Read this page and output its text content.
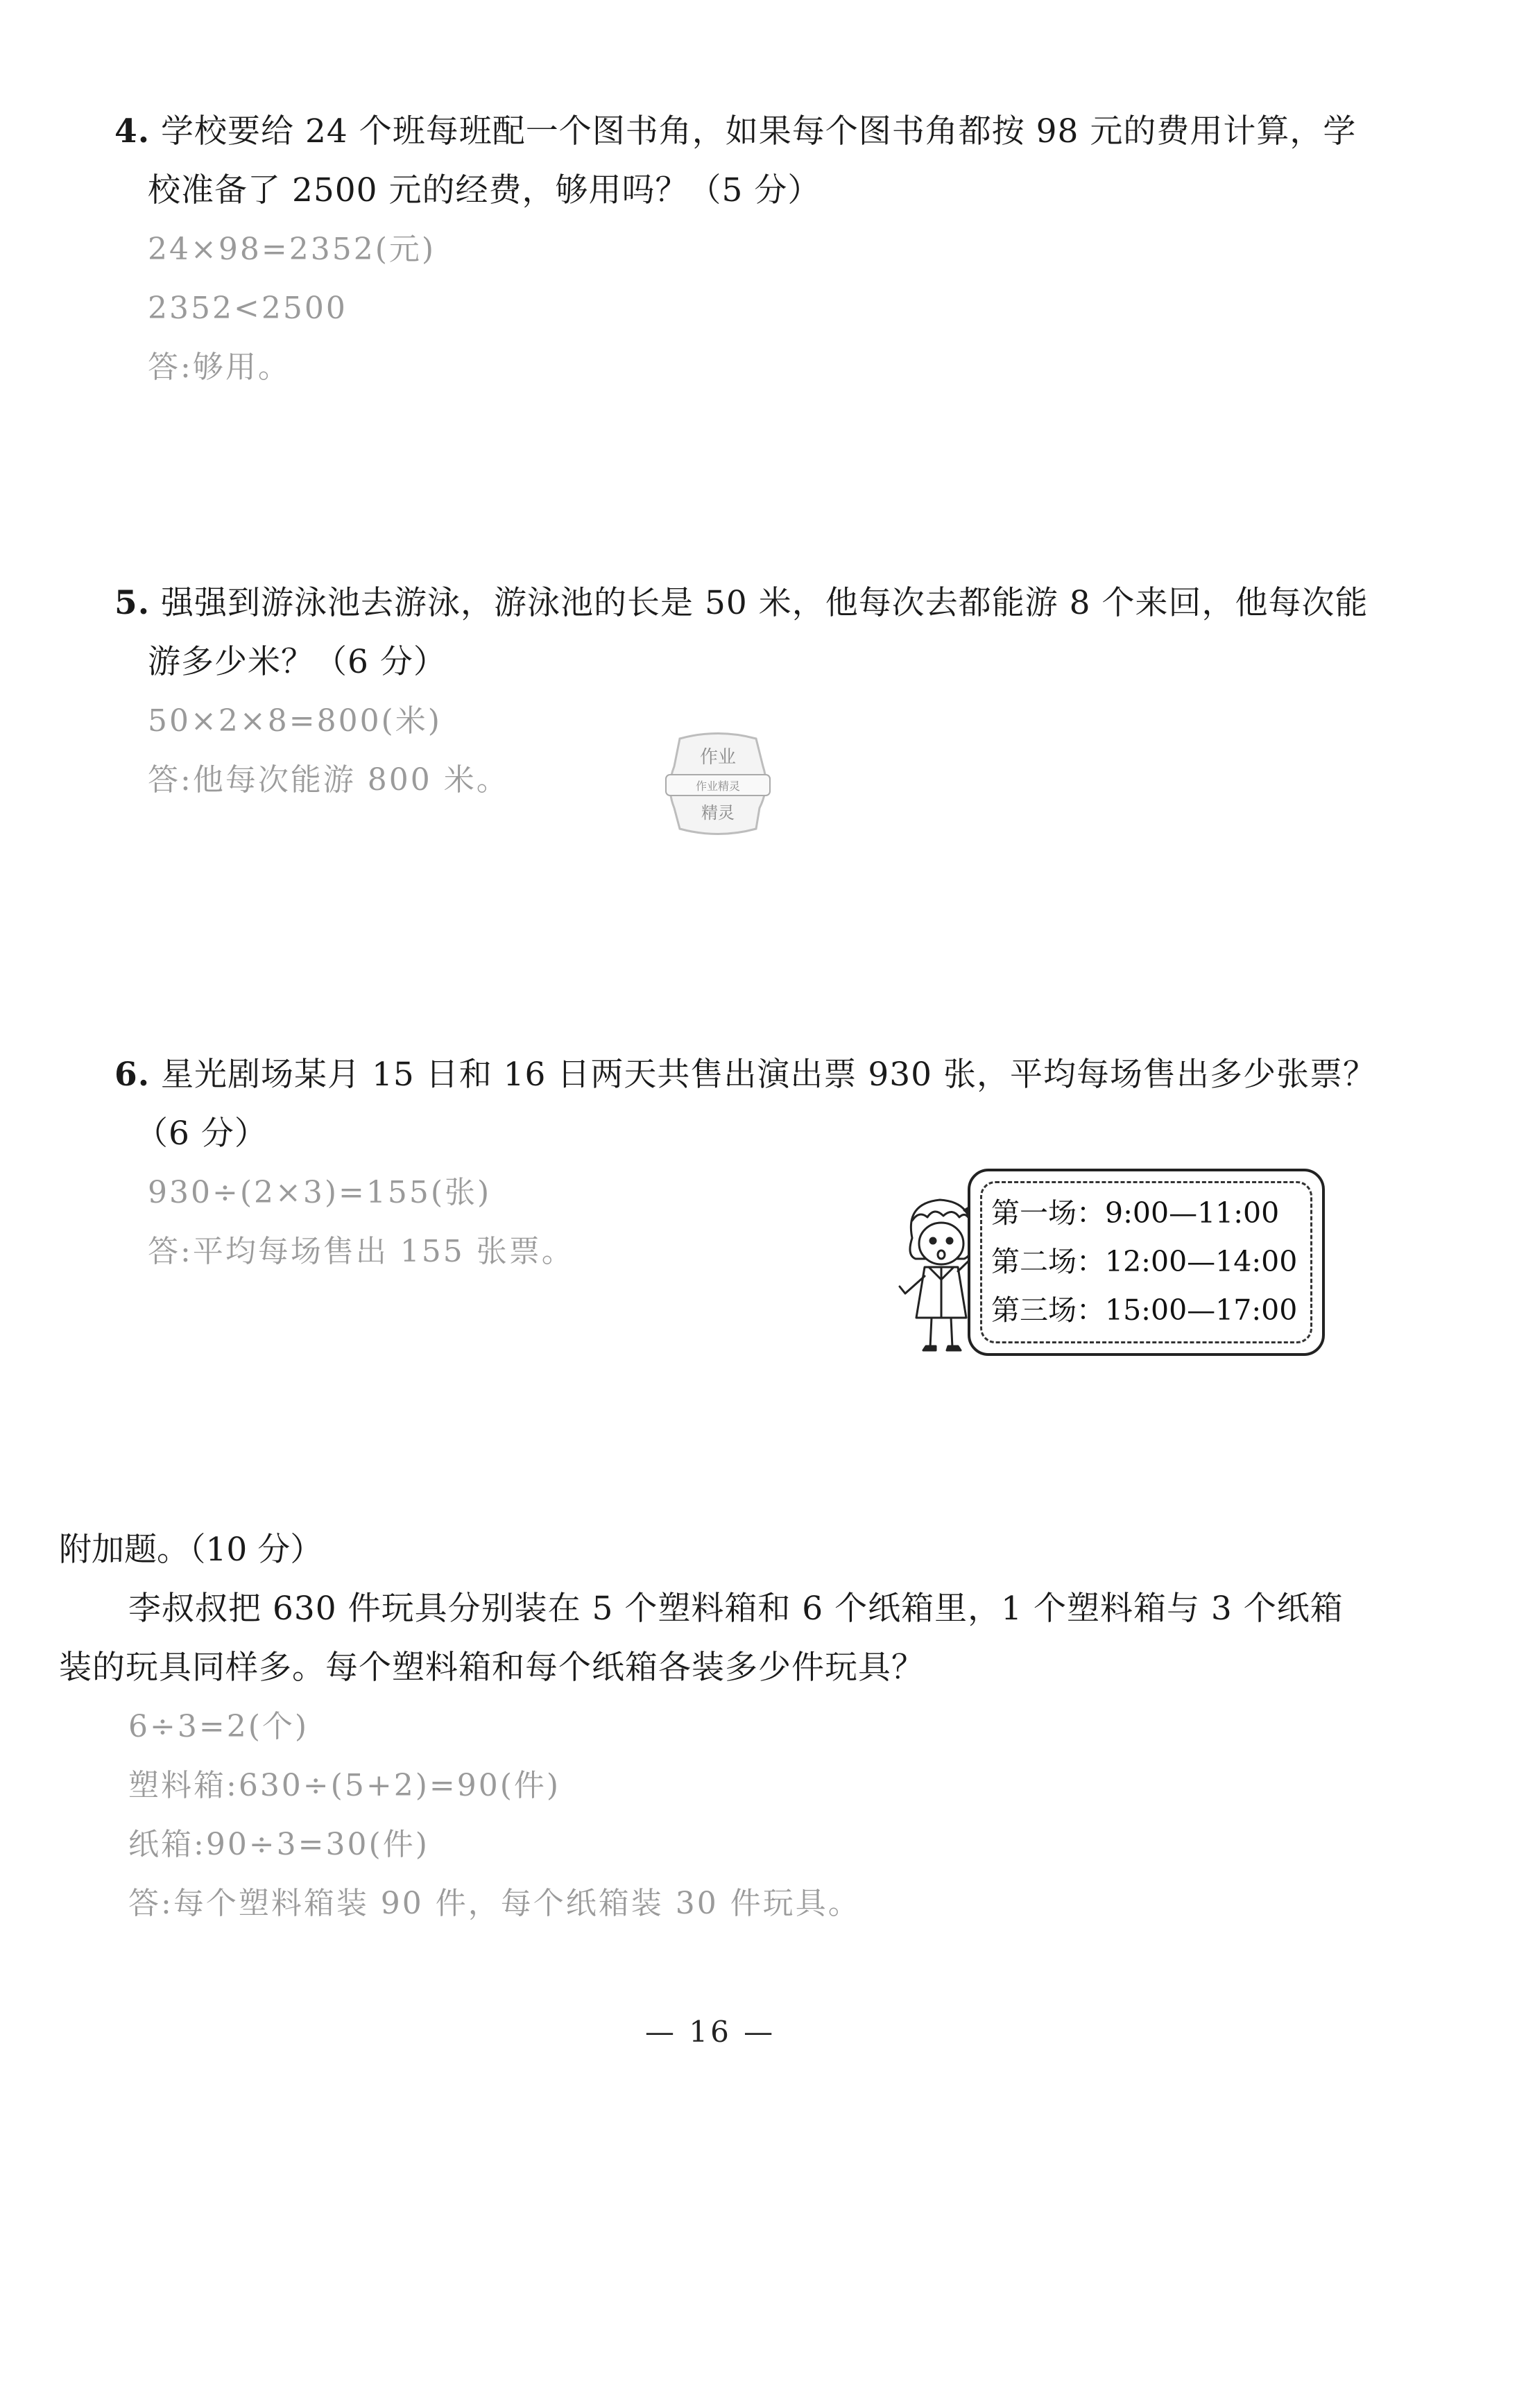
4. 学校要给 24 个班每班配一个图书角，如果每个图书角都按 98 元的费用计算，学
校准备了 2500 元的经费，够用吗？（5 分）
24×98=2352(元)
2352<2500
答:够用。
5. 强强到游泳池去游泳，游泳池的长是 50 米，他每次去都能游 8 个来回，他每次能
游多少米？（6 分）
50×2×8=800(米)
答:他每次能游 800 米。
作业
作业精灵
精灵
6. 星光剧场某月 15 日和 16 日两天共售出演出票 930 张，平均每场售出多少张票？
（6 分）
930÷(2×3)=155(张)
答:平均每场售出 155 张票。
第一场：9:00—11:00
第二场：12:00—14:00
第三场：15:00—17:00
附加题。（10 分）
李叔叔把 630 件玩具分别装在 5 个塑料箱和 6 个纸箱里，1 个塑料箱与 3 个纸箱
装的玩具同样多。每个塑料箱和每个纸箱各装多少件玩具？
6÷3=2(个)
塑料箱:630÷(5+2)=90(件)
纸箱:90÷3=30(件)
答:每个塑料箱装 90 件，每个纸箱装 30 件玩具。
— 16 —
